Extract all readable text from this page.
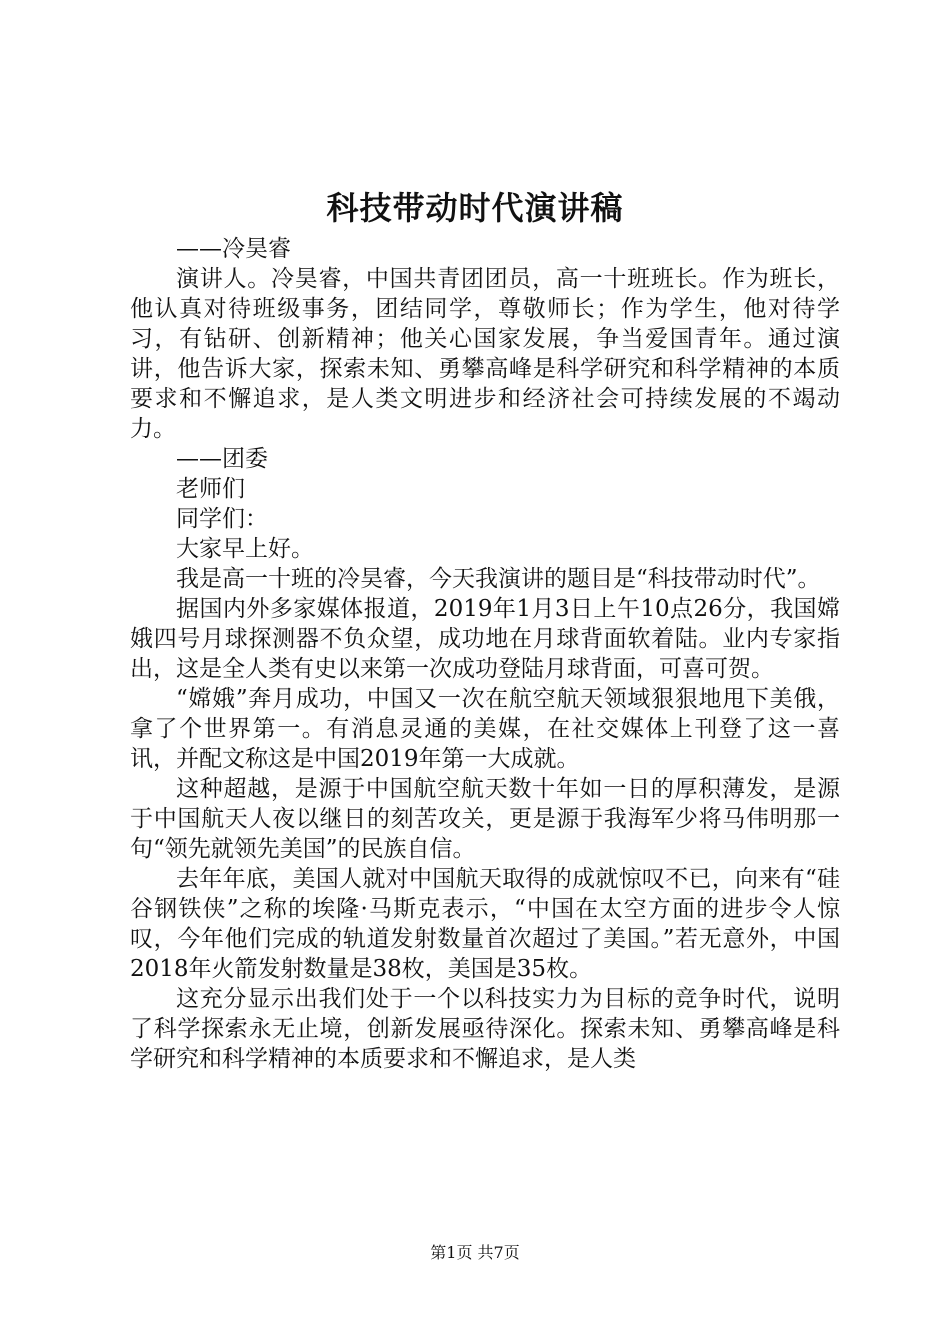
科技带动时代演讲稿

——冷昊睿

演讲人。冷昊睿，中国共青团团员，高一十班班长。作为班长，他认真对待班级事务，团结同学，尊敬师长；作为学生，他对待学习，有钻研、创新精神；他关心国家发展，争当爱国青年。通过演讲，他告诉大家，探索未知、勇攀高峰是科学研究和科学精神的本质要求和不懈追求，是人类文明进步和经济社会可持续发展的不竭动力。

——团委

老师们

同学们：

大家早上好。

我是高一十班的冷昊睿，今天我演讲的题目是“科技带动时代”。

据国内外多家媒体报道，2019年1月3日上午10点26分，我国嫦娥四号月球探测器不负众望，成功地在月球背面软着陆。业内专家指出，这是全人类有史以来第一次成功登陆月球背面，可喜可贺。

“嫦娥”奔月成功，中国又一次在航空航天领域狠狠地甩下美俄，拿了个世界第一。有消息灵通的美媒，在社交媒体上刊登了这一喜讯，并配文称这是中国2019年第一大成就。

这种超越，是源于中国航空航天数十年如一日的厚积薄发，是源于中国航天人夜以继日的刻苦攻关，更是源于我海军少将马伟明那一句“领先就领先美国”的民族自信。

去年年底，美国人就对中国航天取得的成就惊叹不已，向来有“硅谷钢铁侠”之称的埃隆·马斯克表示，“中国在太空方面的进步令人惊叹，今年他们完成的轨道发射数量首次超过了美国。”若无意外，中国2018年火箭发射数量是38枚，美国是35枚。

这充分显示出我们处于一个以科技实力为目标的竞争时代，说明了科学探索永无止境，创新发展亟待深化。探索未知、勇攀高峰是科学研究和科学精神的本质要求和不懈追求，是人类

第1页 共7页
